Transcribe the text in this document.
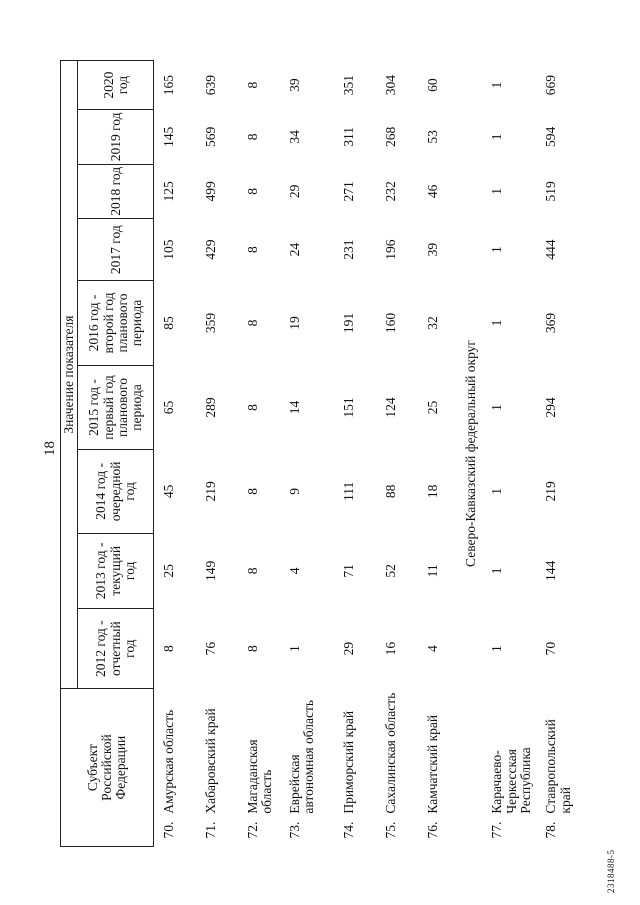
18
Субъект Российской Федерации		Значение показателя								
		2012 год - отчетный год	2013 год - текущий год	2014 год - очередной год	2015 год - первый год планового периода	2016 год - второй год планового периода	2017 год	2018 год	2019 год	2020 год
70.	Амурская область	8	25	45	65	85	105	125	145	165
71.	Хабаровский край	76	149	219	289	359	429	499	569	639
72.	Магаданская область	8	8	8	8	8	8	8	8	8
73.	Еврейская автономная область	1	4	9	14	19	24	29	34	39
74.	Приморский край	29	71	111	151	191	231	271	311	351
75.	Сахалинская область	16	52	88	124	160	196	232	268	304
76.	Камчатский край	4	11	18	25	32	39	46	53	60
Северо-Кавказский федеральный округ										
77.	Карачаево-Черкесская Республика	1	1	1	1	1	1	1	1	1
78.	Ставропольский край	70	144	219	294	369	444	519	594	669
2318488-5
